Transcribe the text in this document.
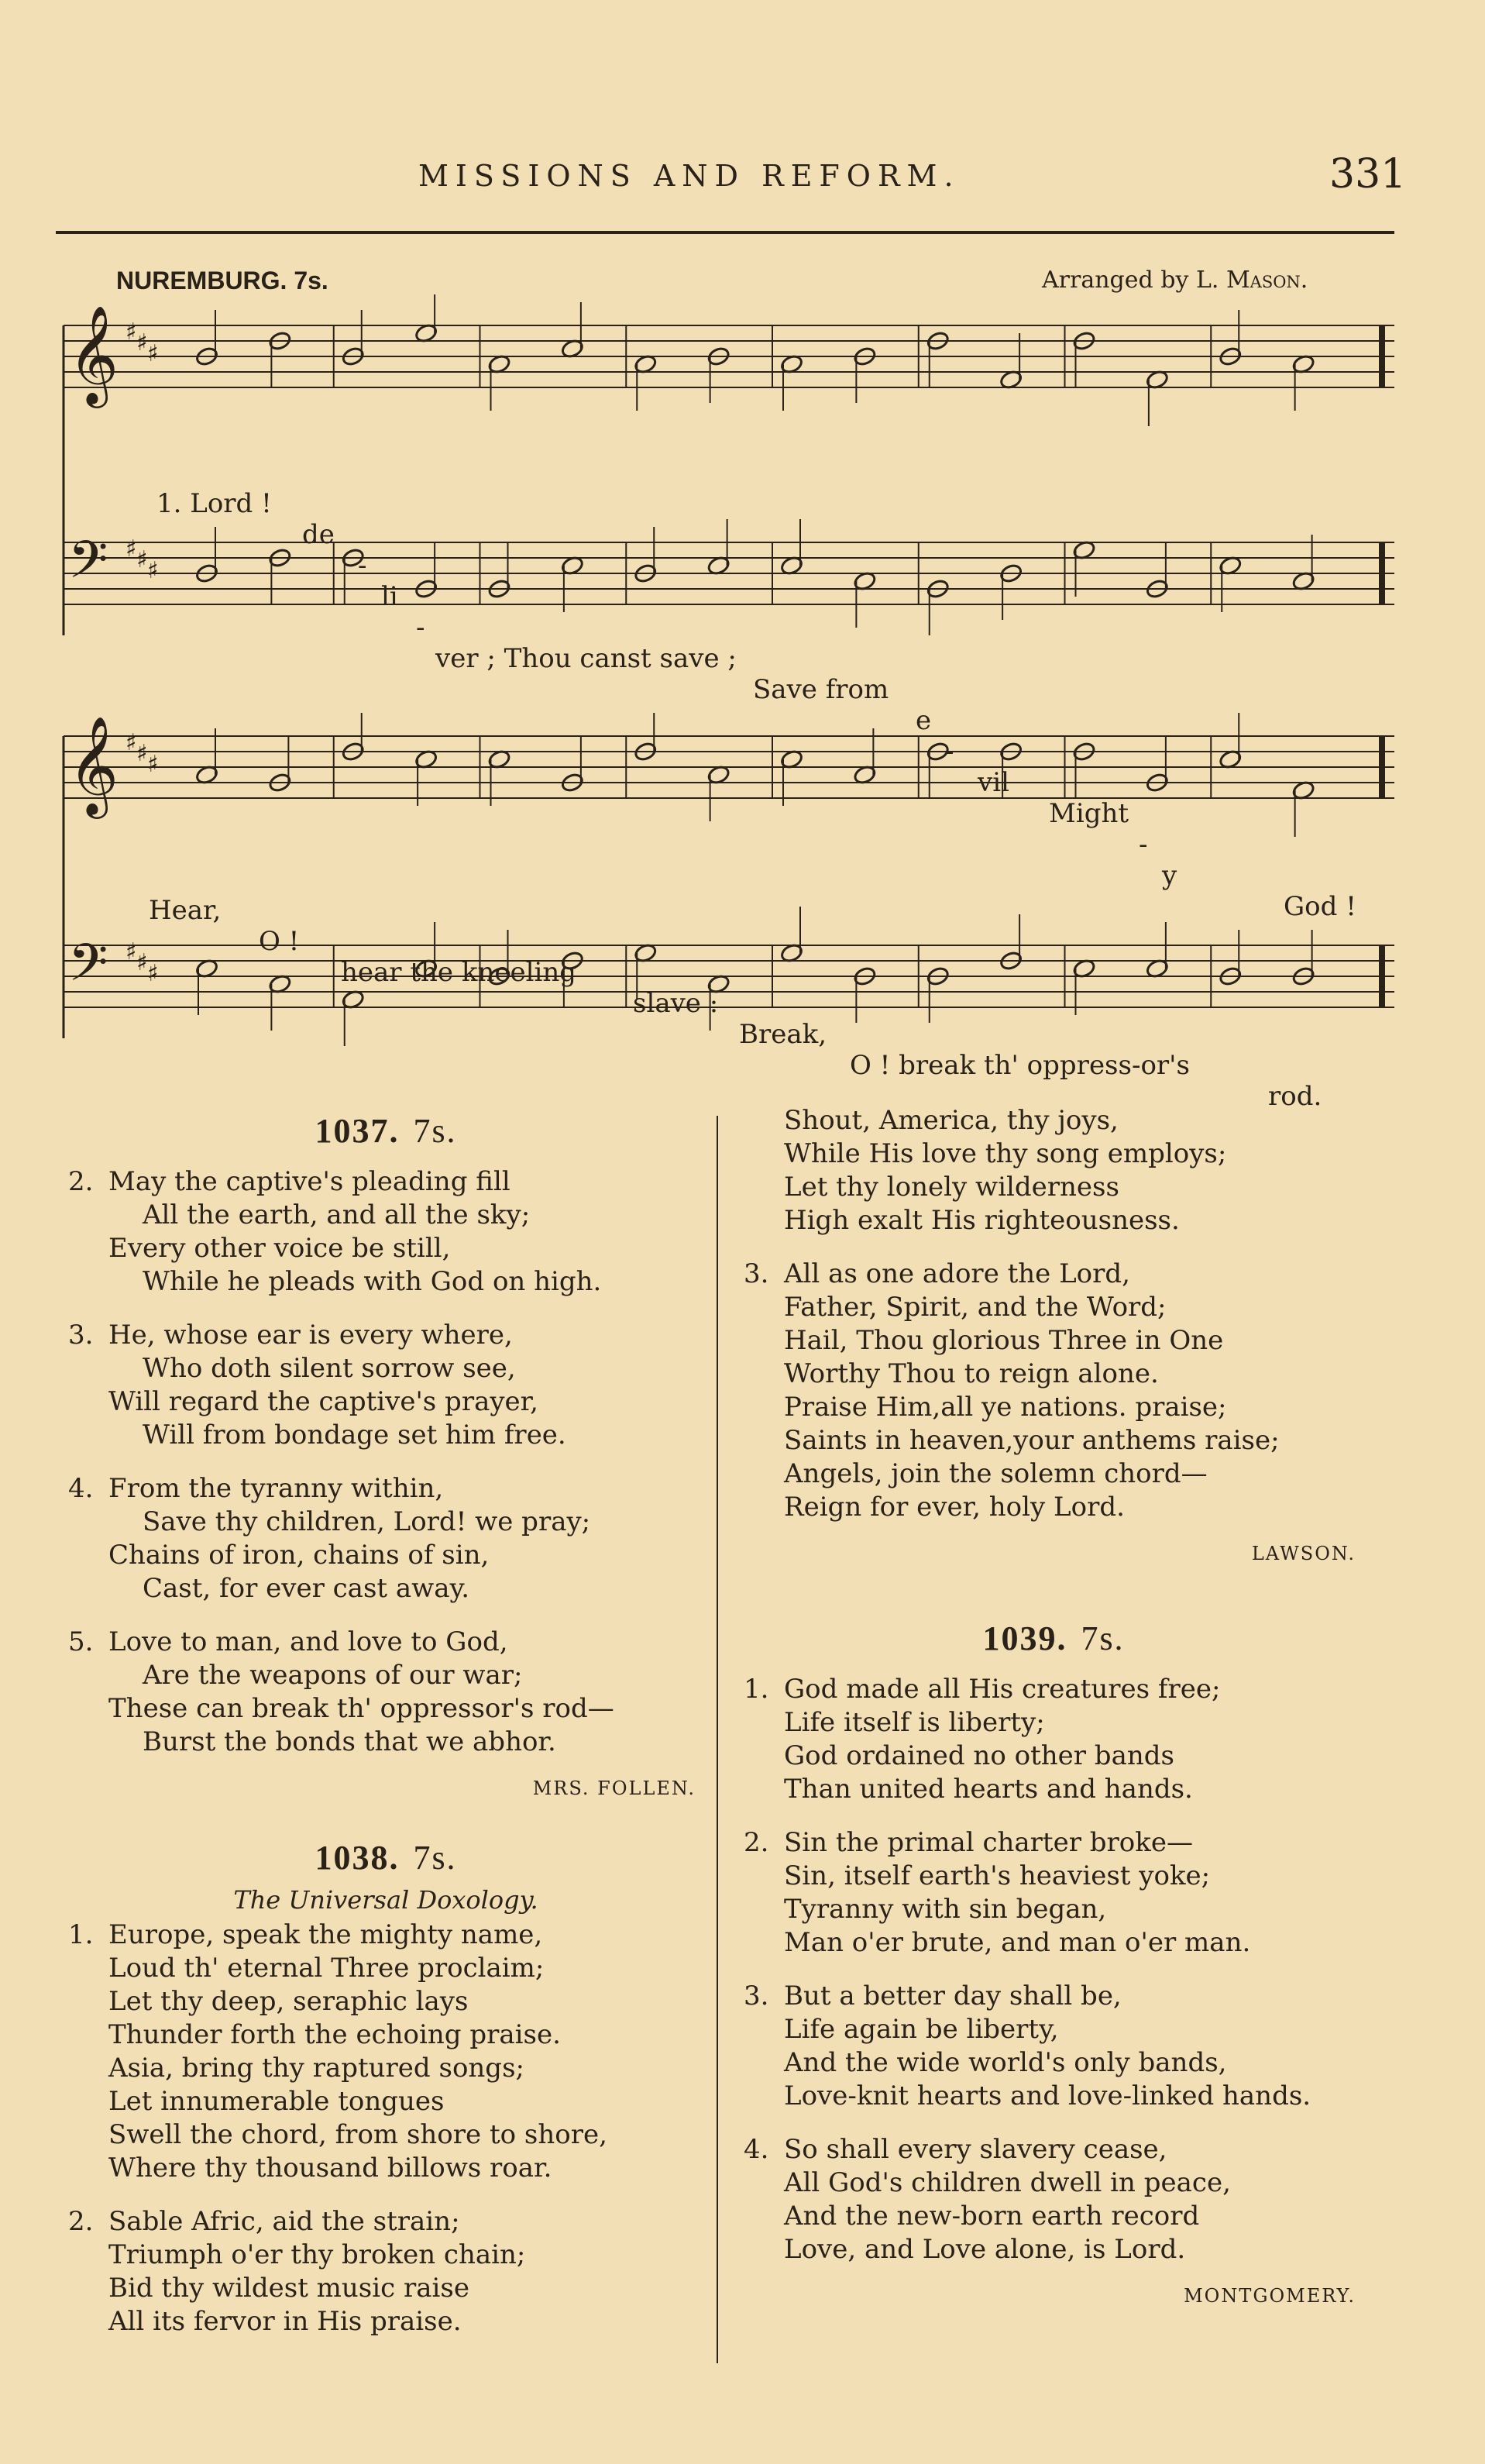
MISSIONS AND REFORM.	331
NUREMBURG. 7s.	Arranged by L. Mason.
𝄞 ♯ ♯ ♯
𝄢 ♯ ♯ ♯

1. Lord !

de

-

li

-

ver ; Thou canst save ;

Save from

e

-

vil

Might

-

y

God !

𝄞 ♯ ♯ ♯
𝄢 ♯ ♯ ♯

Hear,

O !

hear the kneeling

slave :

Break,

O ! break th' oppress-or's

rod.

1037. 7s.
2. May the captive's pleading fill
All the earth, and all the sky;
Every other voice be still,
While he pleads with God on high.
3. He, whose ear is every where,
Who doth silent sorrow see,
Will regard the captive's prayer,
Will from bondage set him free.
4. From the tyranny within,
Save thy children, Lord! we pray;
Chains of iron, chains of sin,
Cast, for ever cast away.
5. Love to man, and love to God,
Are the weapons of our war;
These can break th' oppressor's rod—
Burst the bonds that we abhor.
MRS. FOLLEN.
1038. 7s.
The Universal Doxology.
1. Europe, speak the mighty name,
Loud th' eternal Three proclaim;
Let thy deep, seraphic lays
Thunder forth the echoing praise.
Asia, bring thy raptured songs;
Let innumerable tongues
Swell the chord, from shore to shore,
Where thy thousand billows roar.
2. Sable Afric, aid the strain;
Triumph o'er thy broken chain;
Bid thy wildest music raise
All its fervor in His praise.
Shout, America, thy joys,
While His love thy song employs;
Let thy lonely wilderness
High exalt His righteousness.
3. All as one adore the Lord,
Father, Spirit, and the Word;
Hail, Thou glorious Three in One
Worthy Thou to reign alone.
Praise Him,all ye nations. praise;
Saints in heaven,your anthems raise;
Angels, join the solemn chord—
Reign for ever, holy Lord.
LAWSON.
1039. 7s.
1. God made all His creatures free;
Life itself is liberty;
God ordained no other bands
Than united hearts and hands.
2. Sin the primal charter broke—
Sin, itself earth's heaviest yoke;
Tyranny with sin began,
Man o'er brute, and man o'er man.
3. But a better day shall be,
Life again be liberty,
And the wide world's only bands,
Love-knit hearts and love-linked hands.
4. So shall every slavery cease,
All God's children dwell in peace,
And the new-born earth record
Love, and Love alone, is Lord.
MONTGOMERY.
